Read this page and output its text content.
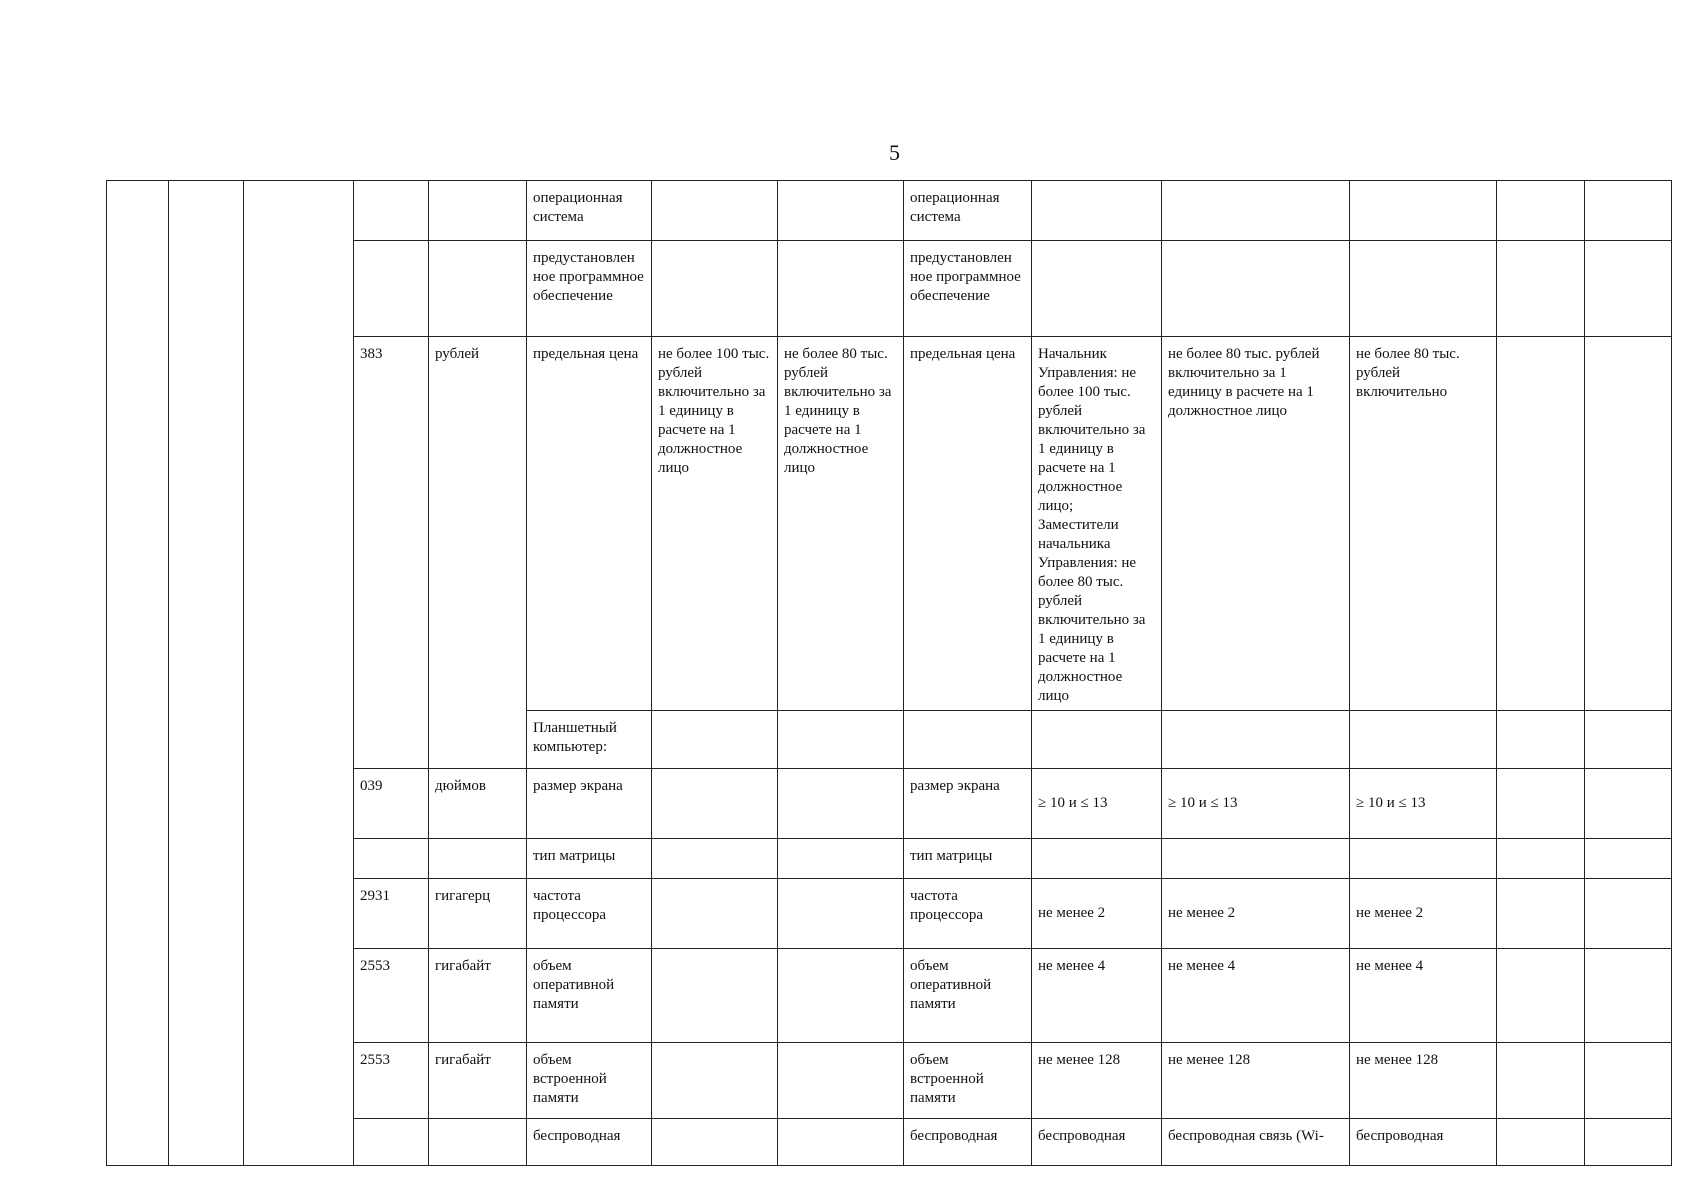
5
					операционная система			операционная система					
					предустановлен ное программное обеспечение			предустановлен ное программное обеспечение					
			383	рублей	предельная цена	не более 100 тыс. рублей включительно за 1 единицу в расчете на 1 должностное лицо	не более 80 тыс. рублей включительно за 1 единицу в расчете на 1 должностное лицо	предельная цена	Начальник Управления: не более 100 тыс. рублей включительно за 1 единицу в расчете на 1 должностное лицо; Заместители начальника Управления: не более 80 тыс. рублей включительно за 1 единицу в расчете на 1 должностное лицо	не более 80 тыс. рублей включительно за 1 единицу в расчете на 1 должностное лицо	не более 80 тыс. рублей включительно		
					Планшетный компьютер:								
			039	дюймов	размер экрана			размер экрана	≥ 10 и ≤ 13	≥ 10 и ≤ 13	≥ 10 и ≤ 13		
					тип матрицы			тип матрицы					
			2931	гигагерц	частота процессора			частота процессора	не менее 2	не менее 2	не менее 2		
			2553	гигабайт	объем оперативной памяти			объем оперативной памяти	не менее 4	не менее 4	не менее 4		
			2553	гигабайт	объем встроенной памяти			объем встроенной памяти	не менее 128	не менее 128	не менее 128		
					беспроводная			беспроводная	беспроводная	беспроводная связь (Wi-	беспроводная		
